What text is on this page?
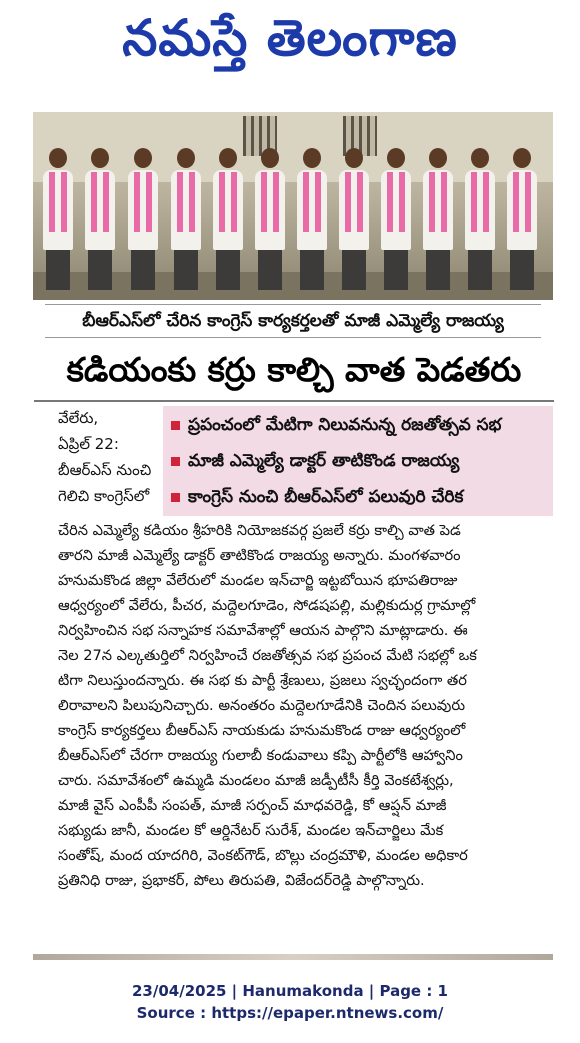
నమస్తే తెలంగాణ
బీఆర్ఎస్‌లో చేరిన కాంగ్రెస్ కార్యకర్తలతో మాజీ ఎమ్మెల్యే రాజయ్య
కడియంకు కర్రు కాల్చి వాత పెడతరు
ప్రపంచంలో మేటిగా నిలువనున్న రజతోత్సవ సభ
మాజీ ఎమ్మెల్యే డాక్టర్ తాటికొండ రాజయ్య
కాంగ్రెస్ నుంచి బీఆర్ఎస్‌లో పలువురి చేరిక
వేలేరు,
ఏప్రిల్ 22:
బీఆర్ఎస్ నుంచి
గెలిచి కాంగ్రెస్‌లో

చేరిన ఎమ్మెల్యే కడియం శ్రీహరికి నియోజకవర్గ ప్రజలే కర్రు కాల్చి వాత పెడ

తారని మాజీ ఎమ్మెల్యే డాక్టర్ తాటికొండ రాజయ్య అన్నారు. మంగళవారం

హనుమకొండ జిల్లా వేలేరులో మండల ఇన్‌చార్జి ఇట్టబోయిన భూపతిరాజు

ఆధ్వర్యంలో వేలేరు, పీచర, మద్దెలగూడెం, సోడషపల్లి, మల్లికుదుర్ల గ్రామాల్లో

నిర్వహించిన సభ సన్నాహక సమావేశాల్లో ఆయన పాల్గొని మాట్లాడారు. ఈ

నెల 27న ఎల్కతుర్తిలో నిర్వహించే రజతోత్సవ సభ ప్రపంచ మేటి సభల్లో ఒక

టిగా నిలుస్తుందన్నారు. ఈ సభ కు పార్టీ శ్రేణులు, ప్రజలు స్వచ్ఛందంగా తర

లిరావాలని పిలుపునిచ్చారు. అనంతరం మద్దెలగూడేనికి చెందిన పలువురు

కాంగ్రెస్ కార్యకర్తలు బీఆర్ఎస్ నాయకుడు హనుమకొండ రాజు ఆధ్వర్యంలో

బీఆర్ఎస్‌లో చేరగా రాజయ్య గులాబీ కండువాలు కప్పి పార్టీలోకి ఆహ్వానిం

చారు. సమావేశంలో ఉమ్మడి మండలం మాజీ జడ్పీటీసీ కీర్తి వెంకటేశ్వర్లు,

మాజీ వైస్ ఎంపీపీ సంపత్, మాజీ సర్పంచ్ మాధవరెడ్డి, కో ఆప్షన్ మాజీ

సభ్యుడు జానీ, మండల కో ఆర్డినేటర్ సురేశ్, మండల ఇన్‌చార్జిలు మేక

సంతోష్, మంద యాదగిరి, వెంకట్‌గౌడ్, బొల్లు చంద్రమౌళి, మండల అధికార

ప్రతినిధి రాజు, ప్రభాకర్, పోలు తిరుపతి, విజేందర్‌రెడ్డి పాల్గొన్నారు.

23/04/2025 | Hanumakonda | Page : 1
Source : https://epaper.ntnews.com/
